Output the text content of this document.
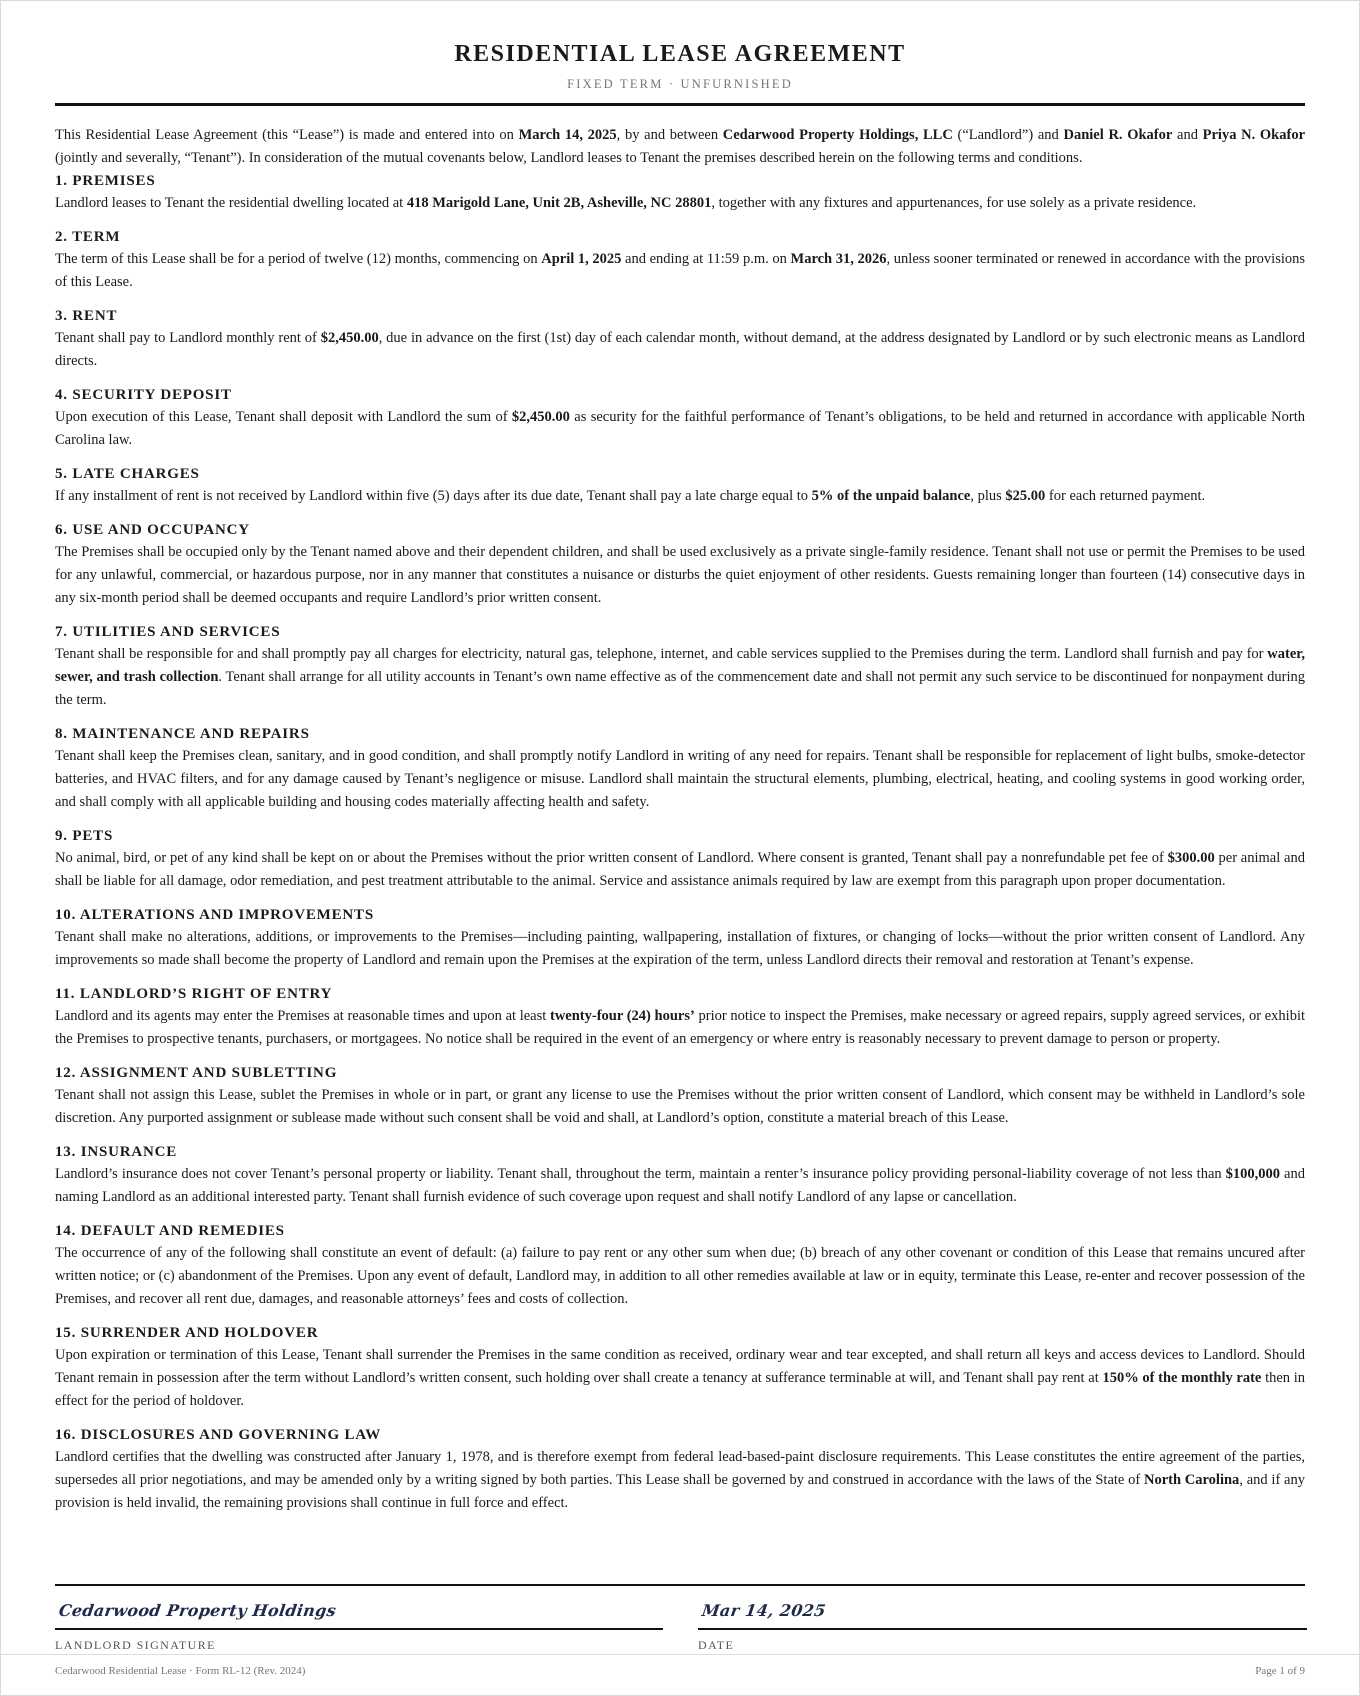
RESIDENTIAL LEASE AGREEMENT
FIXED TERM · UNFURNISHED

This Residential Lease Agreement (this “Lease”) is made and entered into on March 14, 2025, by and between Cedarwood Property Holdings, LLC (“Landlord”) and Daniel R. Okafor and Priya N. Okafor (jointly and severally, “Tenant”). In consideration of the mutual covenants below, Landlord leases to Tenant the premises described herein on the following terms and conditions.

1. PREMISES

Landlord leases to Tenant the residential dwelling located at 418 Marigold Lane, Unit 2B, Asheville, NC 28801, together with any fixtures and appurtenances, for use solely as a private residence.

2. TERM

The term of this Lease shall be for a period of twelve (12) months, commencing on April 1, 2025 and ending at 11:59 p.m. on March 31, 2026, unless sooner terminated or renewed in accordance with the provisions of this Lease.

3. RENT

Tenant shall pay to Landlord monthly rent of $2,450.00, due in advance on the first (1st) day of each calendar month, without demand, at the address designated by Landlord or by such electronic means as Landlord directs.

4. SECURITY DEPOSIT

Upon execution of this Lease, Tenant shall deposit with Landlord the sum of $2,450.00 as security for the faithful performance of Tenant’s obligations, to be held and returned in accordance with applicable North Carolina law.

5. LATE CHARGES

If any installment of rent is not received by Landlord within five (5) days after its due date, Tenant shall pay a late charge equal to 5% of the unpaid balance, plus $25.00 for each returned payment.

6. USE AND OCCUPANCY

The Premises shall be occupied only by the Tenant named above and their dependent children, and shall be used exclusively as a private single-family residence. Tenant shall not use or permit the Premises to be used for any unlawful, commercial, or hazardous purpose, nor in any manner that constitutes a nuisance or disturbs the quiet enjoyment of other residents. Guests remaining longer than fourteen (14) consecutive days in any six-month period shall be deemed occupants and require Landlord’s prior written consent.

7. UTILITIES AND SERVICES

Tenant shall be responsible for and shall promptly pay all charges for electricity, natural gas, telephone, internet, and cable services supplied to the Premises during the term. Landlord shall furnish and pay for water, sewer, and trash collection. Tenant shall arrange for all utility accounts in Tenant’s own name effective as of the commencement date and shall not permit any such service to be discontinued for nonpayment during the term.

8. MAINTENANCE AND REPAIRS

Tenant shall keep the Premises clean, sanitary, and in good condition, and shall promptly notify Landlord in writing of any need for repairs. Tenant shall be responsible for replacement of light bulbs, smoke-detector batteries, and HVAC filters, and for any damage caused by Tenant’s negligence or misuse. Landlord shall maintain the structural elements, plumbing, electrical, heating, and cooling systems in good working order, and shall comply with all applicable building and housing codes materially affecting health and safety.

9. PETS

No animal, bird, or pet of any kind shall be kept on or about the Premises without the prior written consent of Landlord. Where consent is granted, Tenant shall pay a nonrefundable pet fee of $300.00 per animal and shall be liable for all damage, odor remediation, and pest treatment attributable to the animal. Service and assistance animals required by law are exempt from this paragraph upon proper documentation.

10. ALTERATIONS AND IMPROVEMENTS

Tenant shall make no alterations, additions, or improvements to the Premises—including painting, wallpapering, installation of fixtures, or changing of locks—without the prior written consent of Landlord. Any improvements so made shall become the property of Landlord and remain upon the Premises at the expiration of the term, unless Landlord directs their removal and restoration at Tenant’s expense.

11. LANDLORD’S RIGHT OF ENTRY

Landlord and its agents may enter the Premises at reasonable times and upon at least twenty-four (24) hours’ prior notice to inspect the Premises, make necessary or agreed repairs, supply agreed services, or exhibit the Premises to prospective tenants, purchasers, or mortgagees. No notice shall be required in the event of an emergency or where entry is reasonably necessary to prevent damage to person or property.

12. ASSIGNMENT AND SUBLETTING

Tenant shall not assign this Lease, sublet the Premises in whole or in part, or grant any license to use the Premises without the prior written consent of Landlord, which consent may be withheld in Landlord’s sole discretion. Any purported assignment or sublease made without such consent shall be void and shall, at Landlord’s option, constitute a material breach of this Lease.

13. INSURANCE

Landlord’s insurance does not cover Tenant’s personal property or liability. Tenant shall, throughout the term, maintain a renter’s insurance policy providing personal-liability coverage of not less than $100,000 and naming Landlord as an additional interested party. Tenant shall furnish evidence of such coverage upon request and shall notify Landlord of any lapse or cancellation.

14. DEFAULT AND REMEDIES

The occurrence of any of the following shall constitute an event of default: (a) failure to pay rent or any other sum when due; (b) breach of any other covenant or condition of this Lease that remains uncured after written notice; or (c) abandonment of the Premises. Upon any event of default, Landlord may, in addition to all other remedies available at law or in equity, terminate this Lease, re-enter and recover possession of the Premises, and recover all rent due, damages, and reasonable attorneys’ fees and costs of collection.

15. SURRENDER AND HOLDOVER

Upon expiration or termination of this Lease, Tenant shall surrender the Premises in the same condition as received, ordinary wear and tear excepted, and shall return all keys and access devices to Landlord. Should Tenant remain in possession after the term without Landlord’s written consent, such holding over shall create a tenancy at sufferance terminable at will, and Tenant shall pay rent at 150% of the monthly rate then in effect for the period of holdover.

16. DISCLOSURES AND GOVERNING LAW

Landlord certifies that the dwelling was constructed after January 1, 1978, and is therefore exempt from federal lead-based-paint disclosure requirements. This Lease constitutes the entire agreement of the parties, supersedes all prior negotiations, and may be amended only by a writing signed by both parties. This Lease shall be governed by and construed in accordance with the laws of the State of North Carolina, and if any provision is held invalid, the remaining provisions shall continue in full force and effect.

Cedarwood Property Holdings
LANDLORD SIGNATURE
Mar 14, 2025
DATE
Cedarwood Residential Lease · Form RL-12 (Rev. 2024)	Page 1 of 9
